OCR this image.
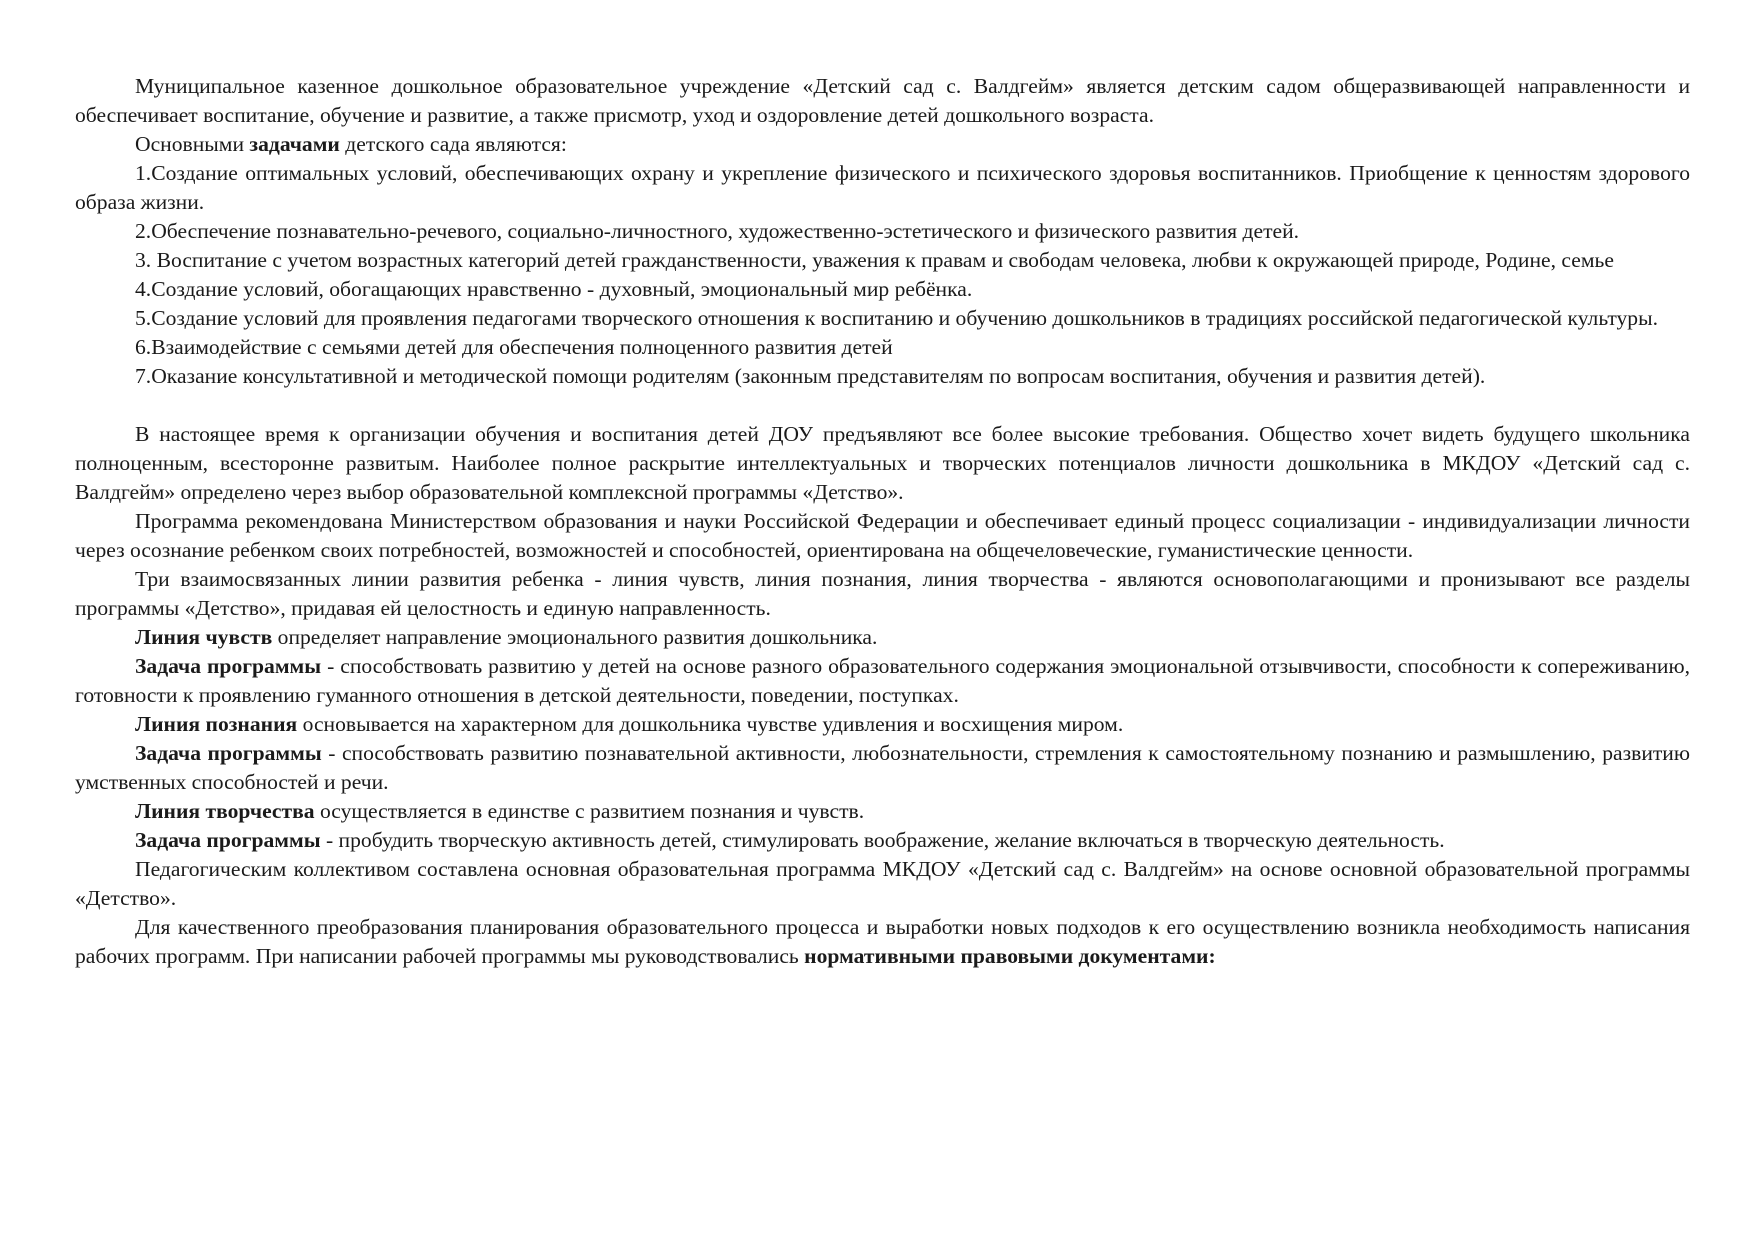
Муниципальное казенное дошкольное образовательное учреждение «Детский сад с. Валдгейм» является детским садом общеразвивающей направленности и обеспечивает воспитание, обучение и развитие, а также присмотр, уход и оздоровление детей дошкольного возраста.

Основными задачами детского сада являются:

1.Создание оптимальных условий, обеспечивающих охрану и укрепление физического и психического здоровья воспитанников. Приобщение к ценностям здорового образа жизни.

2.Обеспечение познавательно-речевого, социально-личностного, художественно-эстетического и физического развития детей.

3. Воспитание с учетом возрастных категорий детей гражданственности, уважения к правам и свободам человека, любви к окружающей природе, Родине, семье

4.Создание условий, обогащающих нравственно - духовный, эмоциональный мир ребёнка.

5.Создание условий для проявления педагогами творческого отношения к воспитанию и обучению дошкольников в традициях российской педагогической культуры.

6.Взаимодействие с семьями детей для обеспечения полноценного развития детей

7.Оказание консультативной и методической помощи родителям (законным представителям по вопросам воспитания, обучения и развития детей).

В настоящее время к организации обучения и воспитания детей ДОУ предъявляют все более высокие требования. Общество хочет видеть будущего школьника полноценным, всесторонне развитым. Наиболее полное раскрытие интеллектуальных и творческих потенциалов личности дошкольника в МКДОУ «Детский сад с. Валдгейм» определено через выбор образовательной комплексной программы «Детство».

Программа рекомендована Министерством образования и науки Российской Федерации и обеспечивает единый процесс социализации - индивидуализации личности через осознание ребенком своих потребностей, возможностей и способностей, ориентирована на общечеловеческие, гуманистические ценности.

Три взаимосвязанных линии развития ребенка - линия чувств, линия познания, линия творчества - являются основополагающими и пронизывают все разделы программы «Детство», придавая ей целостность и единую направленность.

Линия чувств определяет направление эмоционального развития дошкольника.

Задача программы - способствовать развитию у детей на основе разного образовательного содержания эмоциональной отзывчивости, способности к сопереживанию, готовности к проявлению гуманного отношения в детской деятельности, поведении, поступках.

Линия познания основывается на характерном для дошкольника чувстве удивления и восхищения миром.

Задача программы - способствовать развитию познавательной активности, любознательности, стремления к самостоятельному познанию и размышлению, развитию умственных способностей и речи.

Линия творчества осуществляется в единстве с развитием познания и чувств.

Задача программы - пробудить творческую активность детей, стимулировать воображение, желание включаться в творческую деятельность.

Педагогическим коллективом составлена основная образовательная программа МКДОУ «Детский сад с. Валдгейм» на основе основной образовательной программы «Детство».

Для качественного преобразования планирования образовательного процесса и выработки новых подходов к его осуществлению возникла необходимость написания рабочих программ. При написании рабочей программы мы руководствовались нормативными правовыми документами:
